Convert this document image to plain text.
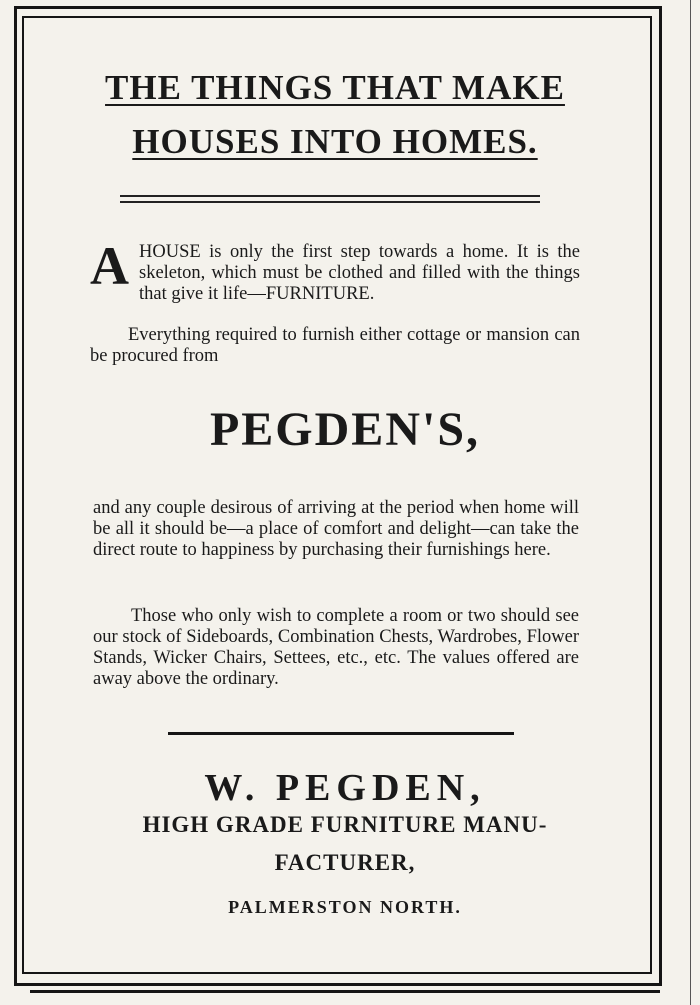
THE THINGS THAT MAKE
HOUSES INTO HOMES.
A HOUSE is only the first step towards a home. It is the skeleton, which must be clothed and filled with the things that give it life—FURNITURE.
Everything required to furnish either cottage or mansion can be procured from
PEGDEN'S,
and any couple desirous of arriving at the period when home will be all it should be—a place of comfort and delight—can take the direct route to happiness by purchasing their furnishings here.
Those who only wish to complete a room or two should see our stock of Sideboards, Combination Chests, Wardrobes, Flower Stands, Wicker Chairs, Settees, etc., etc. The values offered are away above the ordinary.
W. PEGDEN,
HIGH GRADE FURNITURE MANU-
FACTURER,
PALMERSTON NORTH.
